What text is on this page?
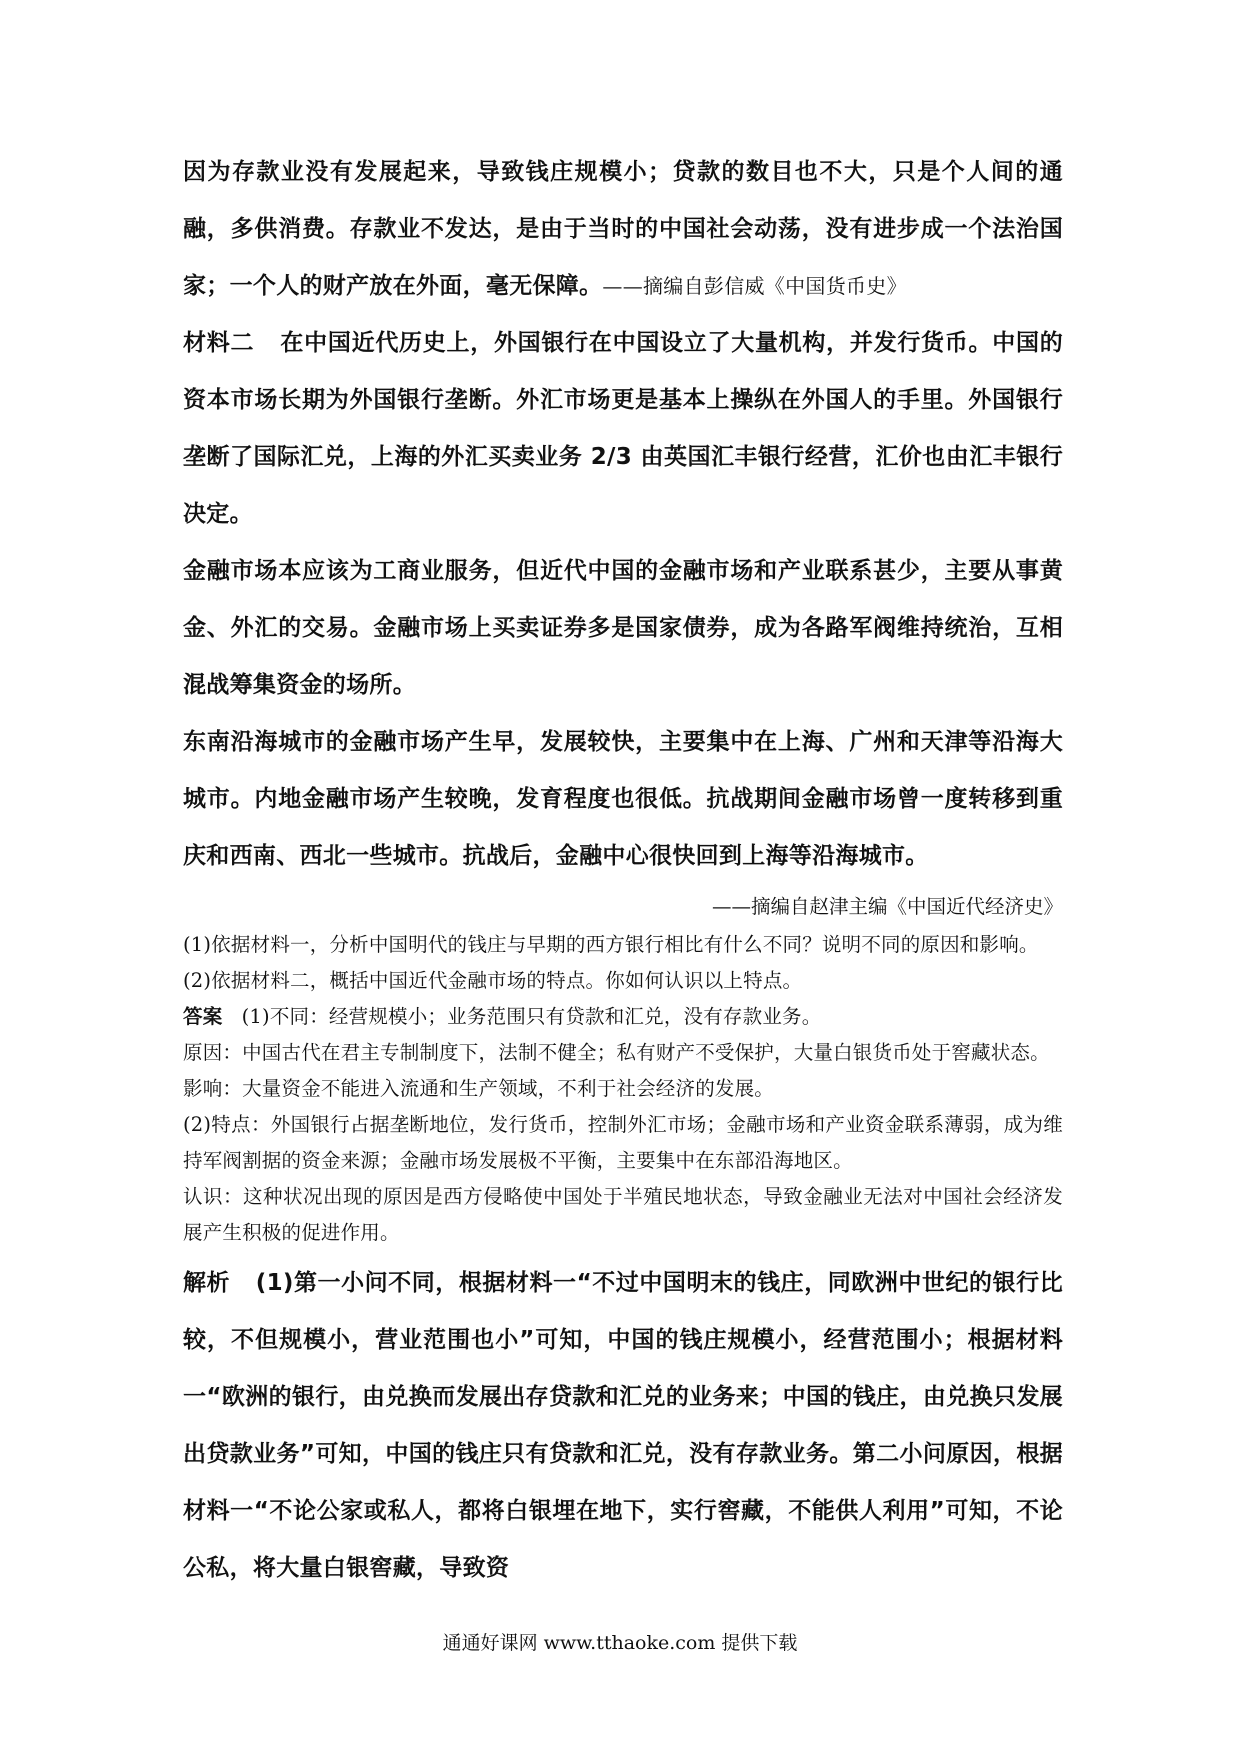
因为存款业没有发展起来，导致钱庄规模小；贷款的数目也不大，只是个人间的通融，多供消费。存款业不发达，是由于当时的中国社会动荡，没有进步成一个法治国家；一个人的财产放在外面，毫无保障。——摘编自彭信威《中国货币史》

材料二 在中国近代历史上，外国银行在中国设立了大量机构，并发行货币。中国的资本市场长期为外国银行垄断。外汇市场更是基本上操纵在外国人的手里。外国银行垄断了国际汇兑，上海的外汇买卖业务 2/3 由英国汇丰银行经营，汇价也由汇丰银行决定。

金融市场本应该为工商业服务，但近代中国的金融市场和产业联系甚少，主要从事黄金、外汇的交易。金融市场上买卖证券多是国家债券，成为各路军阀维持统治，互相混战筹集资金的场所。

东南沿海城市的金融市场产生早，发展较快，主要集中在上海、广州和天津等沿海大城市。内地金融市场产生较晚，发育程度也很低。抗战期间金融市场曾一度转移到重庆和西南、西北一些城市。抗战后，金融中心很快回到上海等沿海城市。

——摘编自赵津主编《中国近代经济史》

(1)依据材料一，分析中国明代的钱庄与早期的西方银行相比有什么不同？说明不同的原因和影响。

(2)依据材料二，概括中国近代金融市场的特点。你如何认识以上特点。

答案 (1)不同：经营规模小；业务范围只有贷款和汇兑，没有存款业务。

原因：中国古代在君主专制制度下，法制不健全；私有财产不受保护，大量白银货币处于窖藏状态。

影响：大量资金不能进入流通和生产领域，不利于社会经济的发展。

(2)特点：外国银行占据垄断地位，发行货币，控制外汇市场；金融市场和产业资金联系薄弱，成为维持军阀割据的资金来源；金融市场发展极不平衡，主要集中在东部沿海地区。

认识：这种状况出现的原因是西方侵略使中国处于半殖民地状态，导致金融业无法对中国社会经济发展产生积极的促进作用。

解析 (1)第一小问不同，根据材料一“不过中国明末的钱庄，同欧洲中世纪的银行比较，不但规模小，营业范围也小”可知，中国的钱庄规模小，经营范围小；根据材料一“欧洲的银行，由兑换而发展出存贷款和汇兑的业务来；中国的钱庄，由兑换只发展出贷款业务”可知，中国的钱庄只有贷款和汇兑，没有存款业务。第二小问原因，根据材料一“不论公家或私人，都将白银埋在地下，实行窖藏，不能供人利用”可知，不论公私，将大量白银窖藏，导致资

通通好课网 www.tthaoke.com 提供下载
